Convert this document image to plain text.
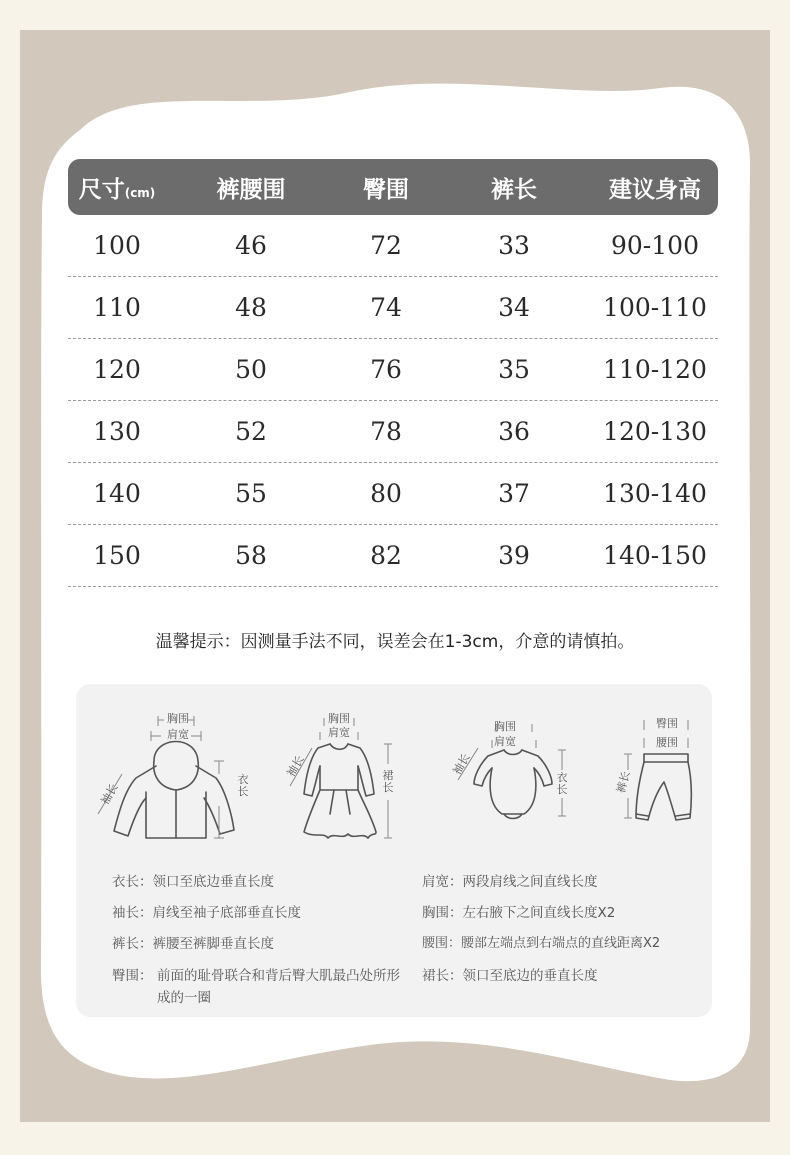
尺寸(cm)	裤腰围	臀围	裤长	建议身高
100	46	72	33	90-100
110	48	74	34	100-110
120	50	76	35	110-120
130	52	78	36	120-130
140	55	80	37	130-140
150	58	82	39	140-150
温馨提示：因测量手法不同，误差会在1-3cm，介意的请慎拍。
胸围
肩宽
袖长
衣长
胸围
肩宽
袖长	裙长
胸围
肩宽
袖长
衣长
臀围
腰围
裤长
衣长：领口至底边垂直长度
袖长：肩线至袖子底部垂直长度
裤长：裤腰至裤脚垂直长度
臀围： 前面的耻骨联合和背后臀大肌最凸处所形成的一圈
肩宽：两段肩线之间直线长度
胸围：左右腋下之间直线长度X2
腰围：腰部左端点到右端点的直线距离X2
裙长：领口至底边的垂直长度
